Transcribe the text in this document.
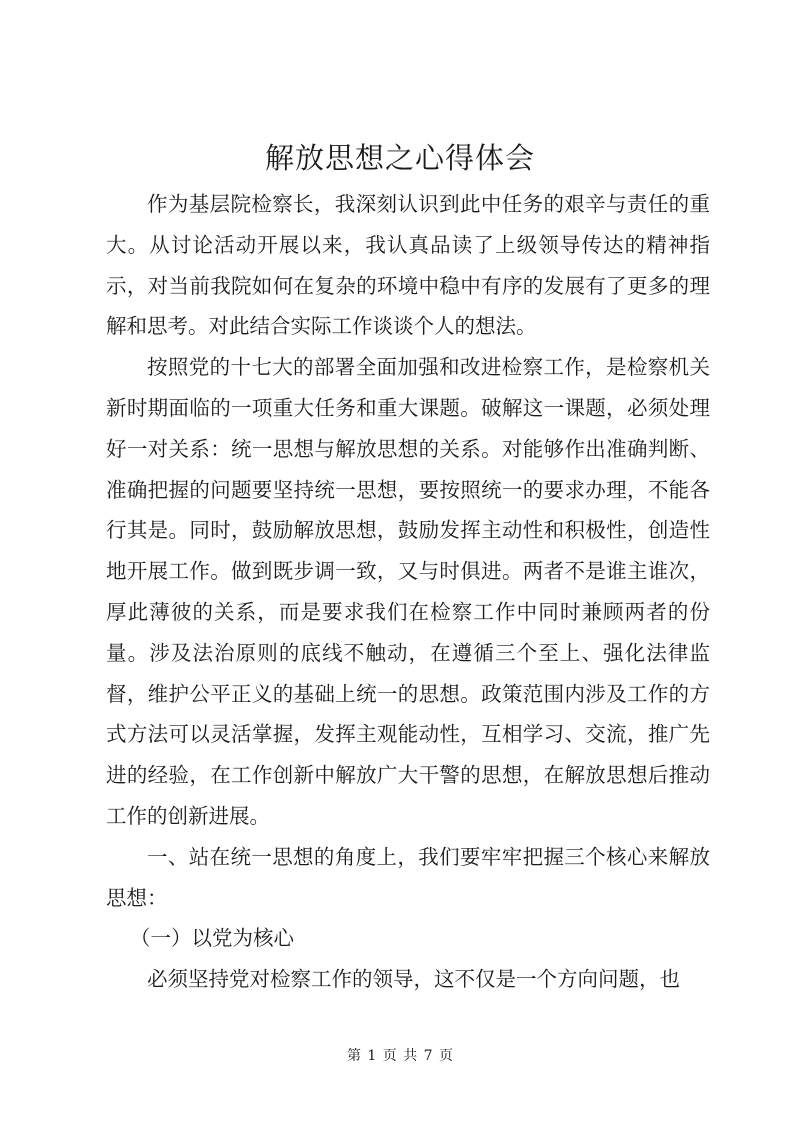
解放思想之心得体会

作为基层院检察长，我深刻认识到此中任务的艰辛与责任的重大。从讨论活动开展以来，我认真品读了上级领导传达的精神指示，对当前我院如何在复杂的环境中稳中有序的发展有了更多的理解和思考。对此结合实际工作谈谈个人的想法。

按照党的十七大的部署全面加强和改进检察工作，是检察机关新时期面临的一项重大任务和重大课题。破解这一课题，必须处理好一对关系：统一思想与解放思想的关系。对能够作出准确判断、准确把握的问题要坚持统一思想，要按照统一的要求办理，不能各行其是。同时，鼓励解放思想，鼓励发挥主动性和积极性，创造性地开展工作。做到既步调一致，又与时俱进。两者不是谁主谁次，厚此薄彼的关系，而是要求我们在检察工作中同时兼顾两者的份量。涉及法治原则的底线不触动，在遵循三个至上、强化法律监督，维护公平正义的基础上统一的思想。政策范围内涉及工作的方式方法可以灵活掌握，发挥主观能动性，互相学习、交流，推广先进的经验，在工作创新中解放广大干警的思想，在解放思想后推动工作的创新进展。

一、站在统一思想的角度上，我们要牢牢把握三个核心来解放思想：

（一）以党为核心

必须坚持党对检察工作的领导，这不仅是一个方向问题，也

第 1 页 共 7 页
